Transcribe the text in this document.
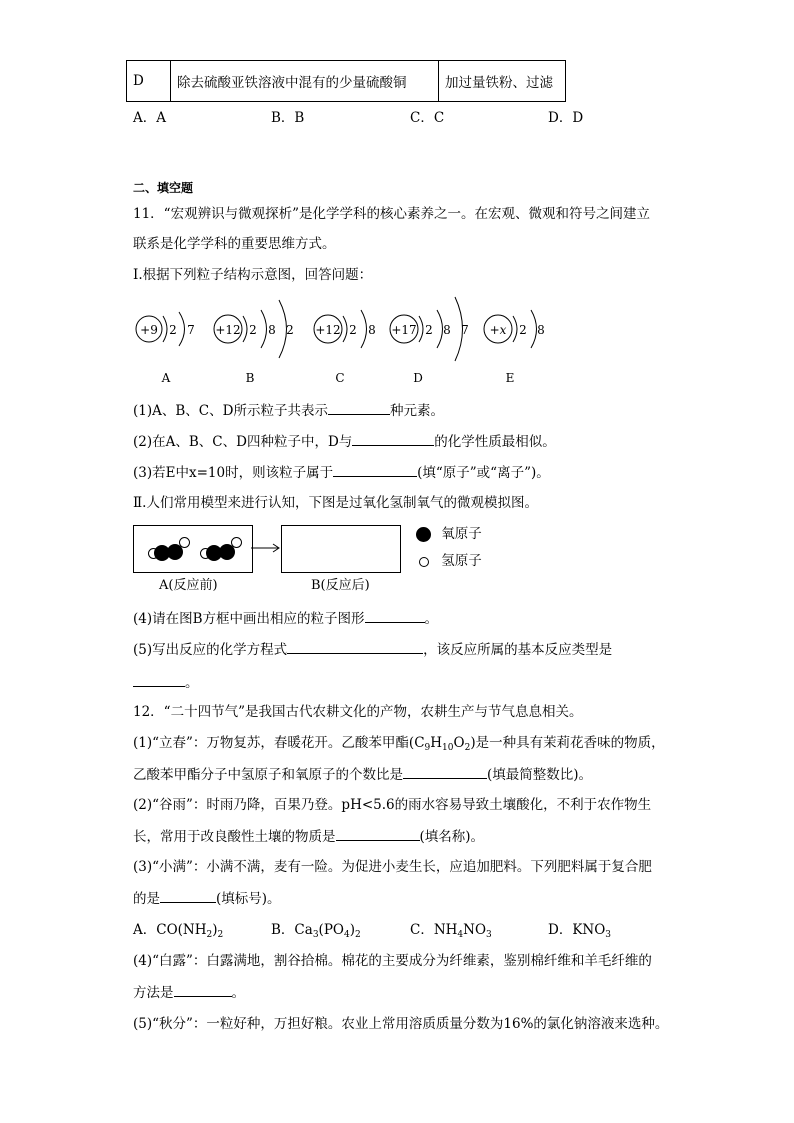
D	除去硫酸亚铁溶液中混有的少量硫酸铜	加过量铁粉、过滤
A．A	B．B	C．C	D．D
二、填空题
11．“宏观辨识与微观探析”是化学学科的核心素养之一。在宏观、微观和符号之间建立
联系是化学学科的重要思维方式。
Ⅰ.根据下列粒子结构示意图，回答问题：
+9 2 7 +12 2 8 2 +12 2 8 +17 2 8 7 +x 2 8
A	B	C	D	E
(1)A、B、C、D所示粒子共表示	种元素。
(2)在A、B、C、D四种粒子中，D与	的化学性质最相似。
(3)若E中x=10时，则该粒子属于	(填“原子”或“离子”)。
Ⅱ.人们常用模型来进行认知，下图是过氧化氢制氧气的微观模拟图。
A(反应前)	B(反应后)
氧原子
氢原子
(4)请在图B方框中画出相应的粒子图形	。
(5)写出反应的化学方程式	，该反应所属的基本反应类型是
。
12．“二十四节气”是我国古代农耕文化的产物，农耕生产与节气息息相关。
(1)“立春”：万物复苏，春暖花开。乙酸苯甲酯$(C_9H_{10}O_2)$是一种具有茉莉花香味的物质，
乙酸苯甲酯分子中氢原子和氧原子的个数比是	(填最简整数比)。
(2)“谷雨”：时雨乃降，百果乃登。pH<5.6的雨水容易导致土壤酸化，不利于农作物生
长，常用于改良酸性土壤的物质是	(填名称)。
(3)“小满”：小满不满，麦有一险。为促进小麦生长，应追加肥料。下列肥料属于复合肥
的是	(填标号)。
A．$CO(NH_2)_2$	B．$Ca_3(PO_4)_2$	C．$NH_4NO_3$	D．$KNO_3$
(4)“白露”：白露满地，割谷拾棉。棉花的主要成分为纤维素，鉴别棉纤维和羊毛纤维的
方法是	。
(5)“秋分”：一粒好种，万担好粮。农业上常用溶质质量分数为16%的氯化钠溶液来选种。
